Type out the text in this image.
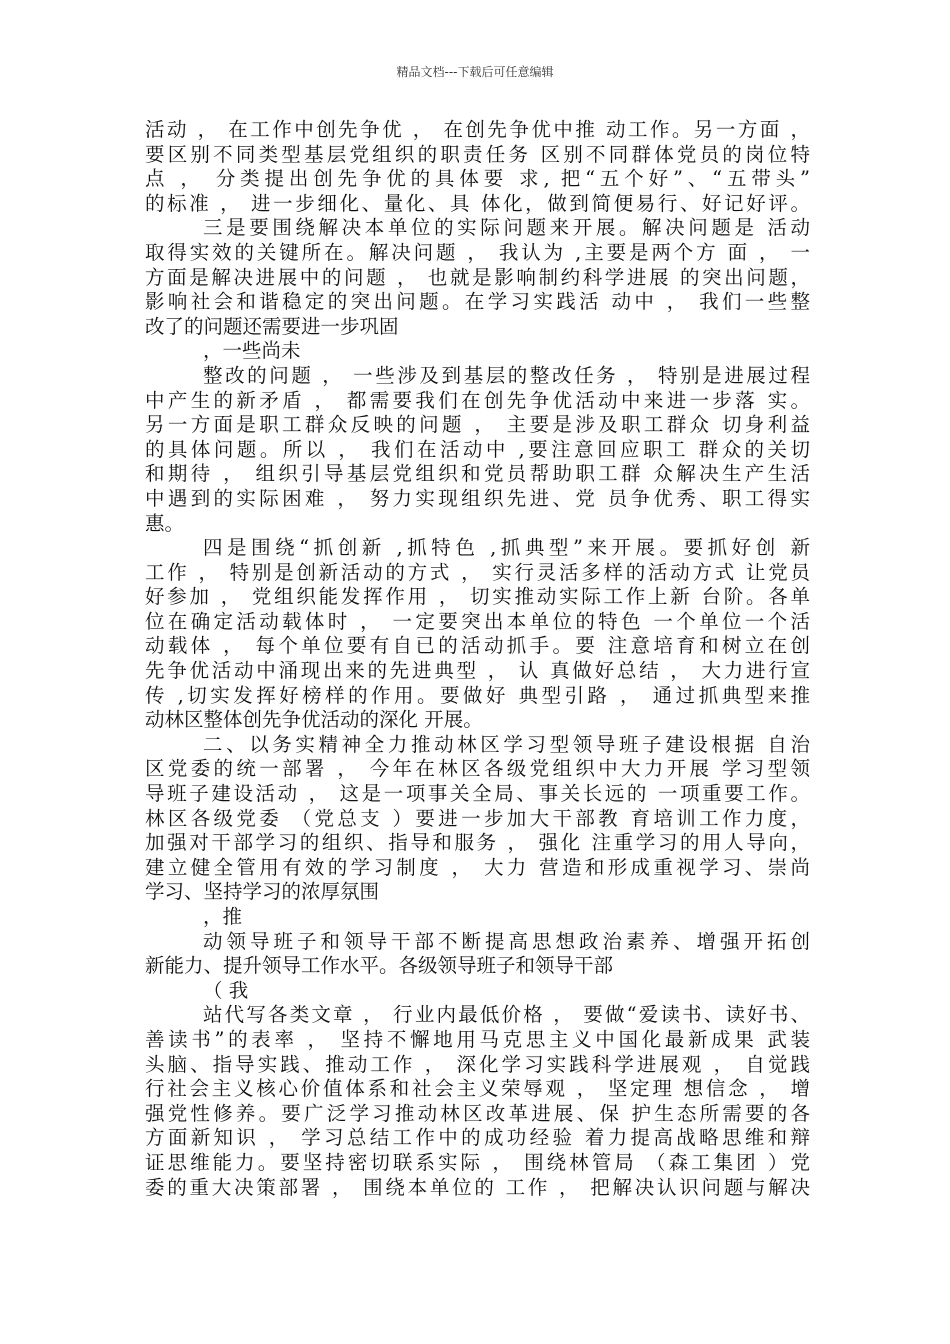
精品文档---下载后可任意编辑
活动 ， 在工作中创先争优 ， 在创先争优中推 动工作。另一方面 ，
要区别不同类型基层党组织的职责任务 区别不同群体党员的岗位特
点 ， 分类提出创先争优的具体要 求, 把“五个好”、“五带头”
的标准 ， 进一步细化、量化、具 体化，做到简便易行、好记好评。
三是要围绕解决本单位的实际问题来开展。解决问题是 活动
取得实效的关键所在。解决问题 ， 我认为 ,主要是两个方 面 ， 一
方面是解决进展中的问题 ， 也就是影响制约科学进展 的突出问题，
影响社会和谐稳定的突出问题。在学习实践活 动中 ， 我们一些整
改了的问题还需要进一步巩固
，一些尚未
整改的问题 ， 一些涉及到基层的整改任务 ， 特别是进展过程
中产生的新矛盾 ， 都需要我们在创先争优活动中来进一步落 实。
另一方面是职工群众反映的问题 ， 主要是涉及职工群众 切身利益
的具体问题。所以 ， 我们在活动中 ,要注意回应职工 群众的关切
和期待 ， 组织引导基层党组织和党员帮助职工群 众解决生产生活
中遇到的实际困难 ， 努力实现组织先进、党 员争优秀、职工得实
惠。
四是围绕“抓创新 ,抓特色 ,抓典型”来开展。要抓好创 新
工作 ， 特别是创新活动的方式 ， 实行灵活多样的活动方式 让党员
好参加 ， 党组织能发挥作用 ， 切实推动实际工作上新 台阶。各单
位在确定活动载体时 ， 一定要突出本单位的特色 一个单位一个活
动载体 ， 每个单位要有自已的活动抓手。要 注意培育和树立在创
先争优活动中涌现出来的先进典型 ， 认 真做好总结 ， 大力进行宣
传 ,切实发挥好榜样的作用。要做好 典型引路 ， 通过抓典型来推
动林区整体创先争优活动的深化 开展。
二、以务实精神全力推动林区学习型领导班子建设根据 自治
区党委的统一部署 ， 今年在林区各级党组织中大力开展 学习型领
导班子建设活动 ， 这是一项事关全局、事关长远的 一项重要工作。
林区各级党委 （党总支 ）要进一步加大干部教 育培训工作力度，
加强对干部学习的组织、指导和服务 ， 强化 注重学习的用人导向，
建立健全管用有效的学习制度 ， 大力 营造和形成重视学习、崇尚
学习、坚持学习的浓厚氛围
，推
动领导班子和领导干部不断提高思想政治素养、增强开拓创
新能力、提升领导工作水平。各级领导班子和领导干部
（ 我
站代写各类文章 ， 行业内最低价格 ， 要做“爱读书、读好书、
善读书”的表率 ， 坚持不懈地用马克思主义中国化最新成果 武装
头脑、指导实践、推动工作 ， 深化学习实践科学进展观 ， 自觉践
行社会主义核心价值体系和社会主义荣辱观 ， 坚定理 想信念 ， 增
强党性修养。要广泛学习推动林区改革进展、保 护生态所需要的各
方面新知识 ， 学习总结工作中的成功经验 着力提高战略思维和辩
证思维能力。要坚持密切联系实际 ， 围绕林管局 （森工集团 ）党
委的重大决策部署 ， 围绕本单位的 工作 ， 把解决认识问题与解决
